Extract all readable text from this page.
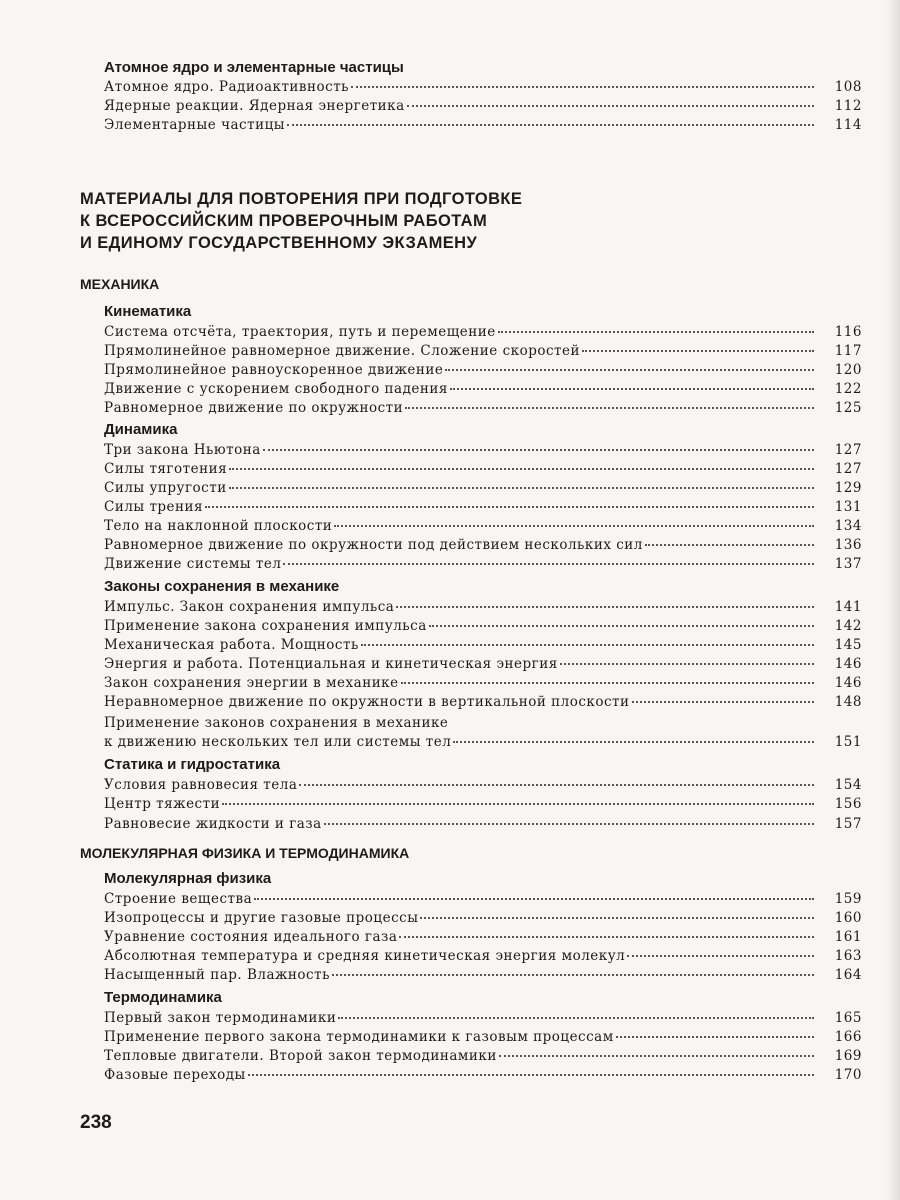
Атомное ядро и элементарные частицы
Атомное ядро. Радиоактивность	108
Ядерные реакции. Ядерная энергетика	112
Элементарные частицы	114
МАТЕРИАЛЫ ДЛЯ ПОВТОРЕНИЯ ПРИ ПОДГОТОВКЕ
К ВСЕРОССИЙСКИМ ПРОВЕРОЧНЫМ РАБОТАМ
И ЕДИНОМУ ГОСУДАРСТВЕННОМУ ЭКЗАМЕНУ
МЕХАНИКА
Кинематика
Система отсчёта, траектория, путь и перемещение	116
Прямолинейное равномерное движение. Сложение скоростей	117
Прямолинейное равноускоренное движение	120
Движение с ускорением свободного падения	122
Равномерное движение по окружности	125
Динамика
Три закона Ньютона	127
Силы тяготения	127
Силы упругости	129
Силы трения	131
Тело на наклонной плоскости	134
Равномерное движение по окружности под действием нескольких сил	136
Движение системы тел	137
Законы сохранения в механике
Импульс. Закон сохранения импульса	141
Применение закона сохранения импульса	142
Механическая работа. Мощность	145
Энергия и работа. Потенциальная и кинетическая энергия	146
Закон сохранения энергии в механике	146
Неравномерное движение по окружности в вертикальной плоскости	148
Применение законов сохранения в механике
к движению нескольких тел или системы тел	151
Статика и гидростатика
Условия равновесия тела	154
Центр тяжести	156
Равновесие жидкости и газа	157
МОЛЕКУЛЯРНАЯ ФИЗИКА И ТЕРМОДИНАМИКА
Молекулярная физика
Строение вещества	159
Изопроцессы и другие газовые процессы	160
Уравнение состояния идеального газа	161
Абсолютная температура и средняя кинетическая энергия молекул	163
Насыщенный пар. Влажность	164
Термодинамика
Первый закон термодинамики	165
Применение первого закона термодинамики к газовым процессам	166
Тепловые двигатели. Второй закон термодинамики	169
Фазовые переходы	170
238
